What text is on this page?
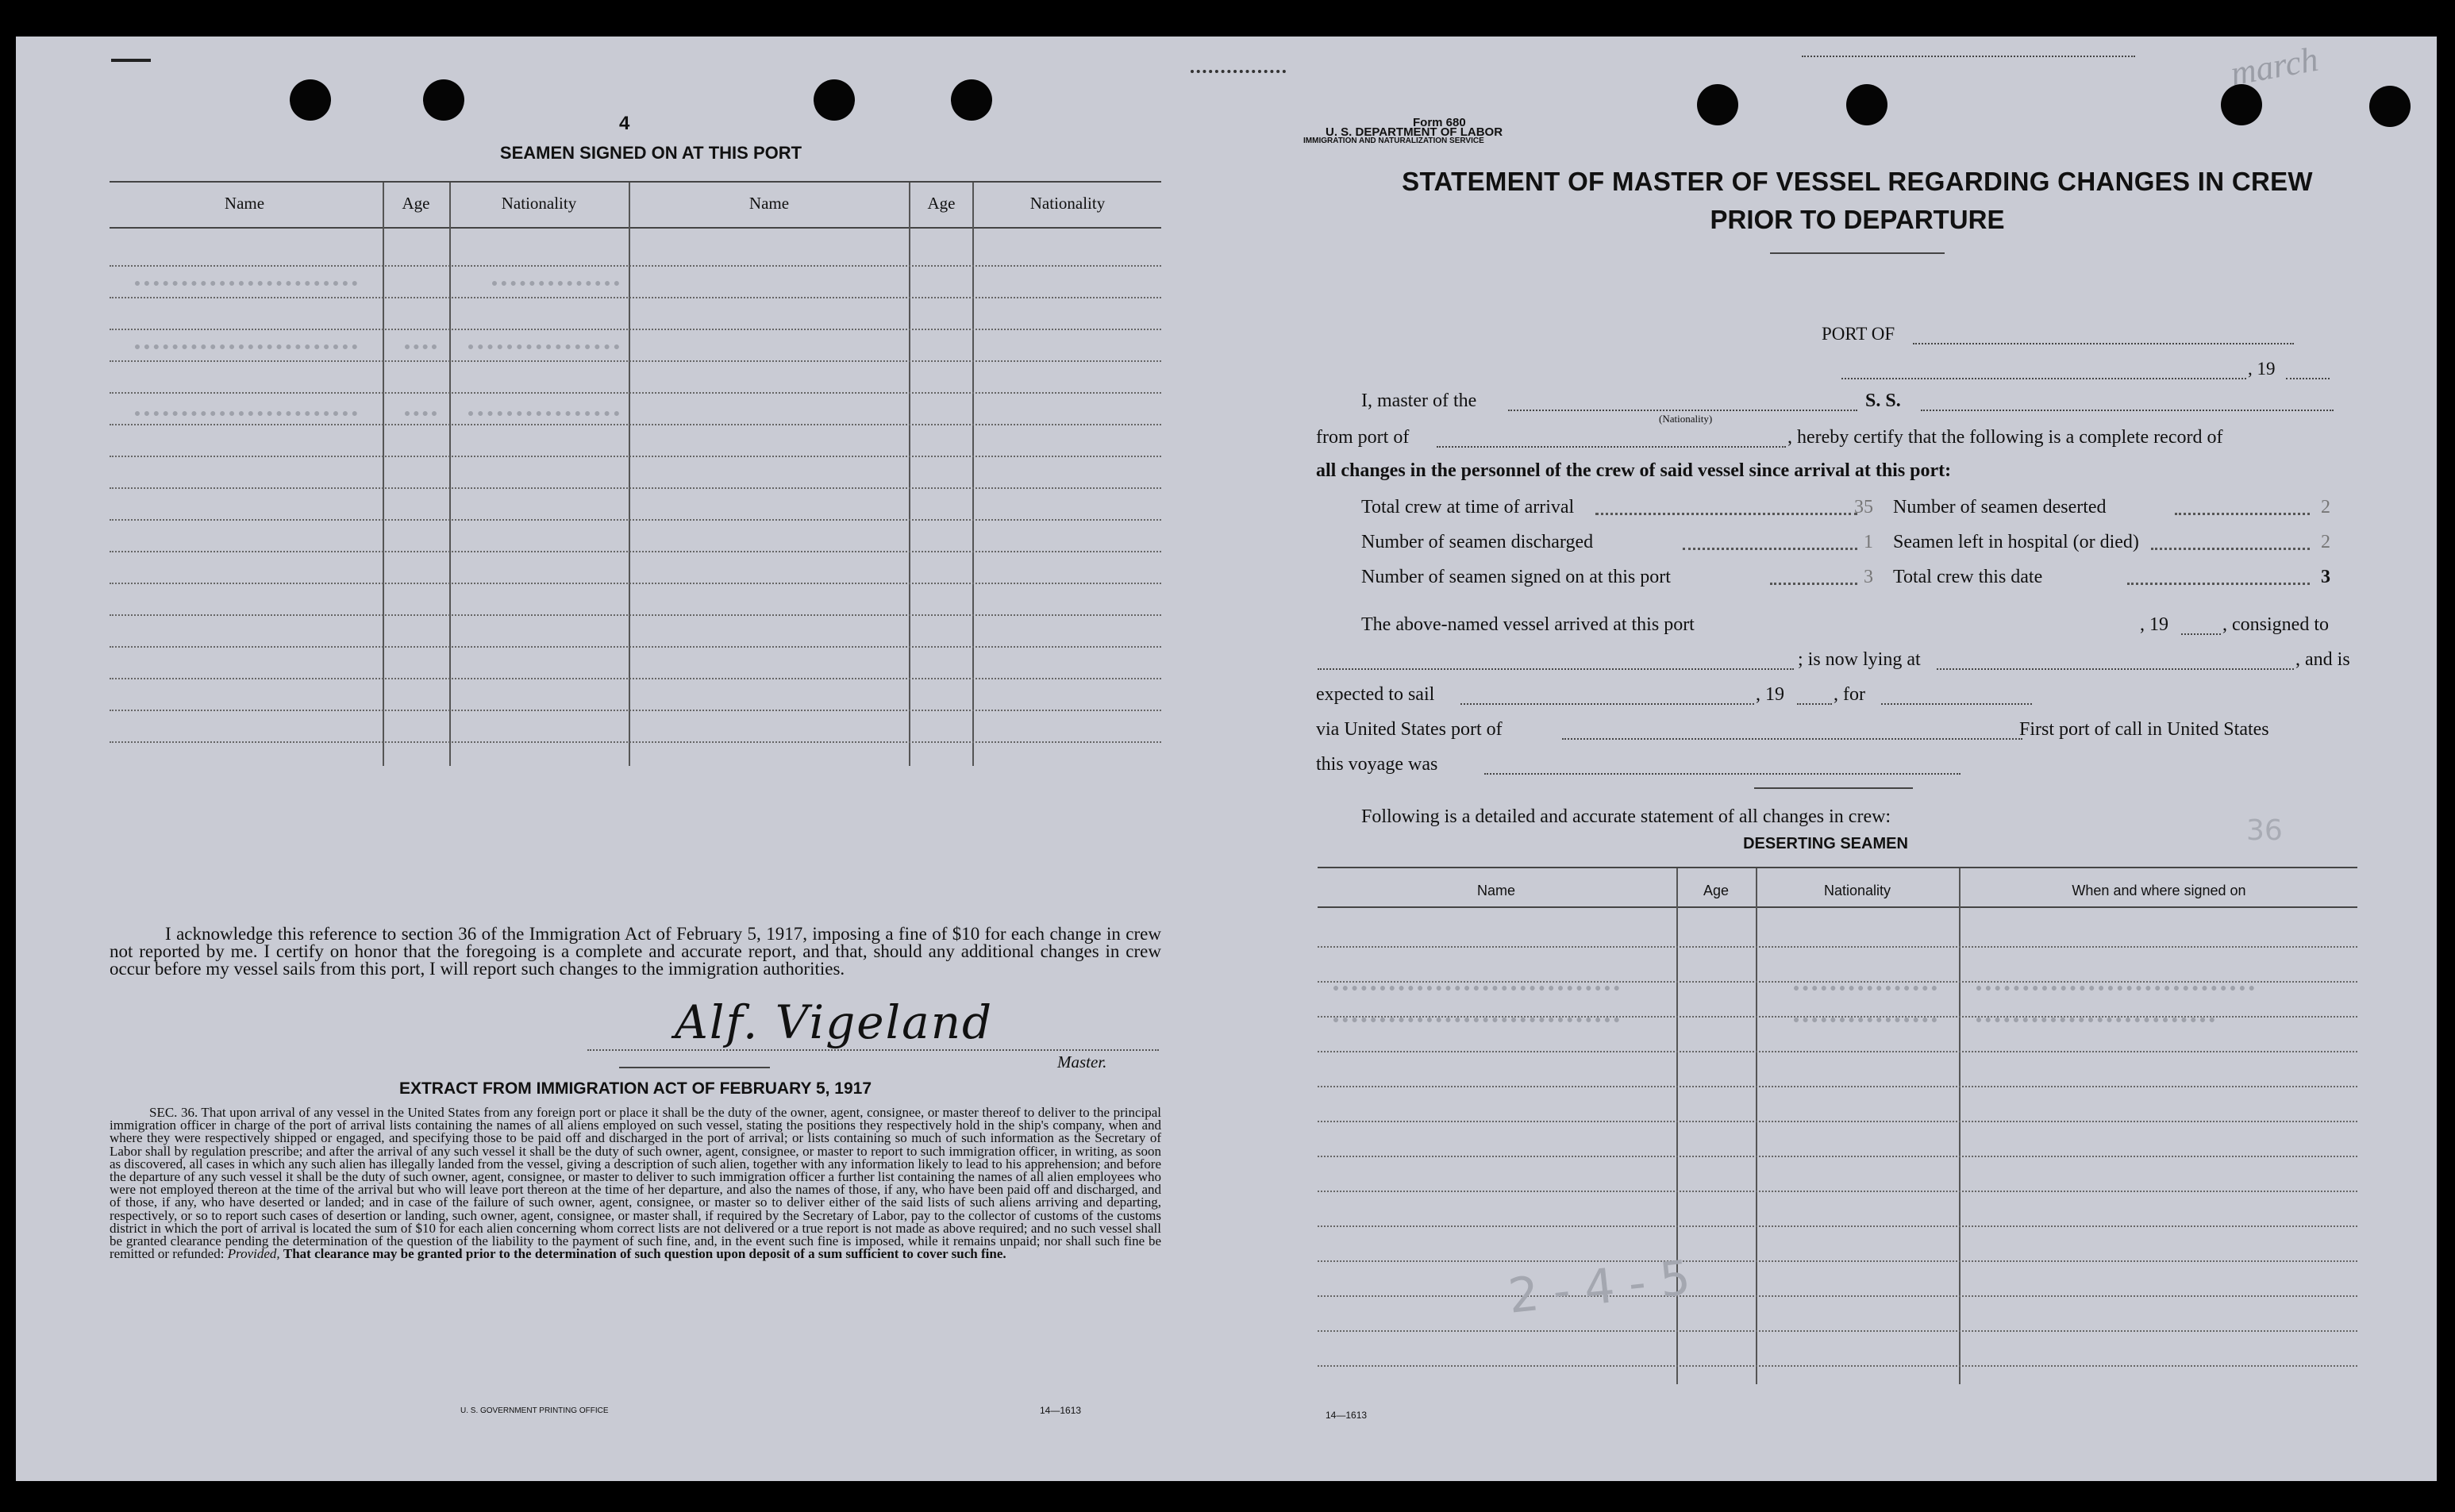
4
SEAMEN SIGNED ON AT THIS PORT
Name	Age	Nationality	Name	Age	Nationality
I acknowledge this reference to section 36 of the Immigration Act of February 5, 1917, imposing a fine of $10 for each change in crew not reported by me. I certify on honor that the foregoing is a complete and accurate report, and that, should any additional changes in crew occur before my vessel sails from this port, I will report such changes to the immigration authorities.
Alf. Vigeland
Master.
EXTRACT FROM IMMIGRATION ACT OF FEBRUARY 5, 1917
SEC. 36. That upon arrival of any vessel in the United States from any foreign port or place it shall be the duty of the owner, agent, consignee, or master thereof to deliver to the principal immigration officer in charge of the port of arrival lists containing the names of all aliens employed on such vessel, stating the positions they respectively hold in the ship's company, when and where they were respectively shipped or engaged, and specifying those to be paid off and discharged in the port of arrival; or lists containing so much of such information as the Secretary of Labor shall by regulation prescribe; and after the arrival of any such vessel it shall be the duty of such owner, agent, consignee, or master to report to such immigration officer, in writing, as soon as discovered, all cases in which any such alien has illegally landed from the vessel, giving a description of such alien, together with any information likely to lead to his apprehension; and before the departure of any such vessel it shall be the duty of such owner, agent, consignee, or master to deliver to such immigration officer a further list containing the names of all alien employees who were not employed thereon at the time of the arrival but who will leave port thereon at the time of her departure, and also the names of those, if any, who have been paid off and discharged, and of those, if any, who have deserted or landed; and in case of the failure of such owner, agent, consignee, or master so to deliver either of the said lists of such aliens arriving and departing, respectively, or so to report such cases of desertion or landing, such owner, agent, consignee, or master shall, if required by the Secretary of Labor, pay to the collector of customs of the customs district in which the port of arrival is located the sum of $10 for each alien concerning whom correct lists are not delivered or a true report is not made as above required; and no such vessel shall be granted clearance pending the determination of the question of the liability to the payment of such fine, and, in the event such fine is imposed, while it remains unpaid; nor shall such fine be remitted or refunded: Provided, That clearance may be granted prior to the determination of such question upon deposit of a sum sufficient to cover such fine.
U. S. GOVERNMENT PRINTING OFFICE	14—1613
Form 680
U. S. DEPARTMENT OF LABOR
IMMIGRATION AND NATURALIZATION SERVICE
STATEMENT OF MASTER OF VESSEL REGARDING CHANGES IN CREW
PRIOR TO DEPARTURE
PORT OF
, 19
I, master of the
(Nationality)
S. S.
from port of	, hereby certify that the following is a complete record of
all changes in the personnel of the crew of said vessel since arrival at this port:
Total crew at time of arrival	35 Number of seamen deserted	2
Number of seamen discharged	1 Seamen left in hospital (or died)	2
Number of seamen signed on at this port	3 Total crew this date	3
The above-named vessel arrived at this port	, 19	, consigned to
; is now lying at	, and is
expected to sail	, 19	, for
via United States port of	First port of call in United States
this voyage was
Following is a detailed and accurate statement of all changes in crew:	36
DESERTING SEAMEN
Name	Age	Nationality	When and where signed on
2-4-5
14—1613
march
